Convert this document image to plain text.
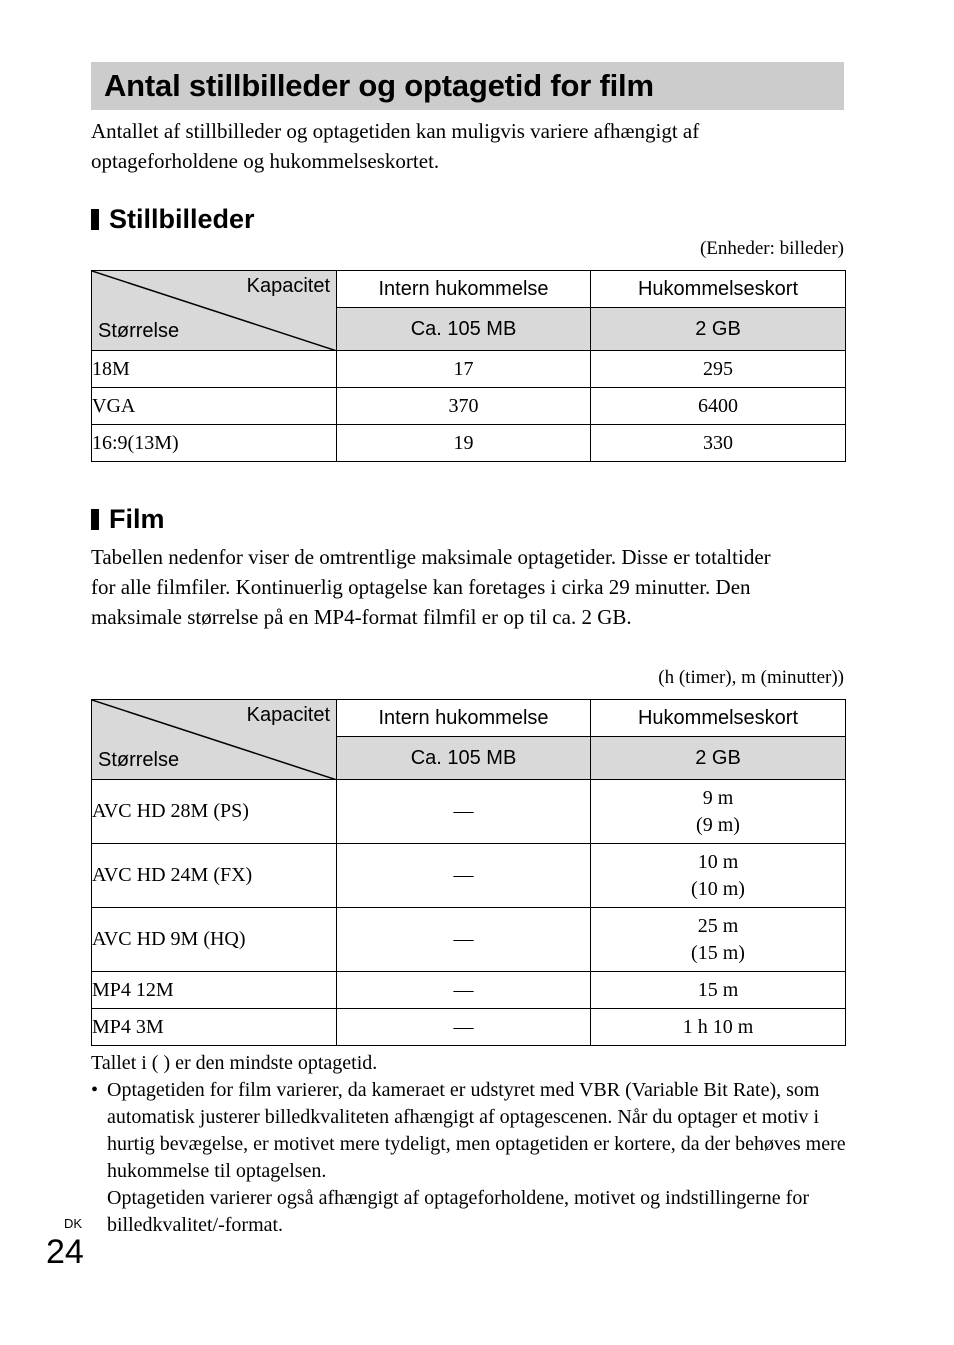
Antal stillbilleder og optagetid for film

Antallet af stillbilleder og optagetiden kan muligvis variere afhængigt af optageforholdene og hukommelseskortet.

Stillbilleder
(Enheder: billeder)
Kapacitet
Størrelse	Intern hukommelse	Hukommelseskort
	Ca. 105 MB	2 GB
18M	17	295
VGA	370	6400
16:9(13M)	19	330
Film

Tabellen nedenfor viser de omtrentlige maksimale optagetider. Disse er totaltider for alle filmfiler. Kontinuerlig optagelse kan foretages i cirka 29 minutter. Den maksimale størrelse på en MP4-format filmfil er op til ca. 2 GB.

(h (timer), m (minutter))
Kapacitet
Størrelse	Intern hukommelse	Hukommelseskort
	Ca. 105 MB	2 GB
AVC HD 28M (PS)	—	9 m
(9 m)

AVC HD 24M (FX)	—	10 m
(10 m)

AVC HD 9M (HQ)	—	25 m
(15 m)

MP4 12M	—	15 m
MP4 3M	—	1 h 10 m

Tallet i ( ) er den mindste optagetid.

• Optagetiden for film varierer, da kameraet er udstyret med VBR (Variable Bit Rate), som automatisk justerer billedkvaliteten afhængigt af optagescenen. Når du optager et motiv i hurtig bevægelse, er motivet mere tydeligt, men optagetiden er kortere, da der behøves mere hukommelse til optagelsen.

Optagetiden varierer også afhængigt af optageforholdene, motivet og indstillingerne for billedkvalitet/-format.

DK
24
